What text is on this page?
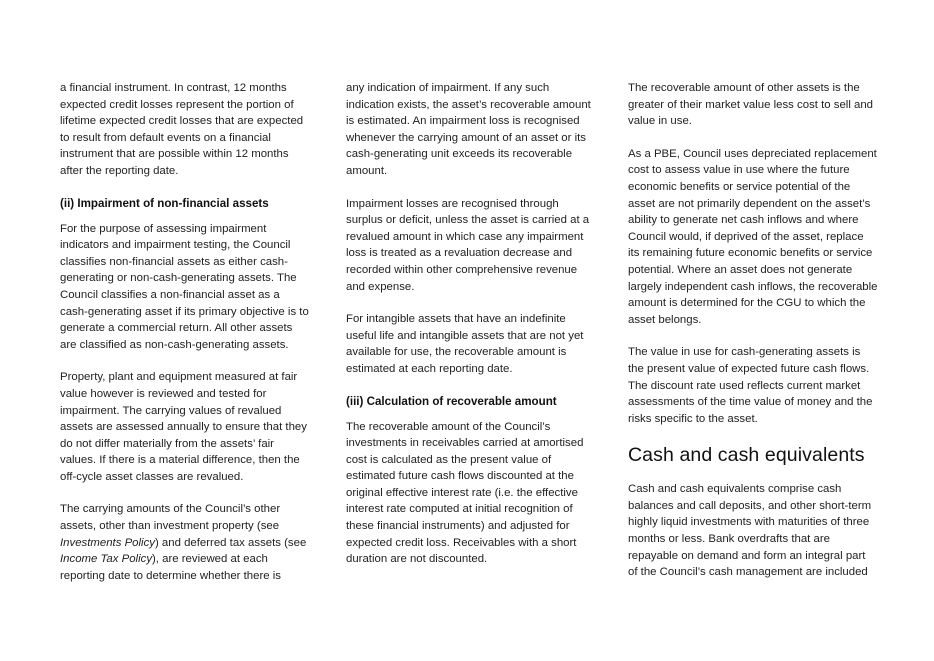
a financial instrument. In contrast, 12 months expected credit losses represent the portion of lifetime expected credit losses that are expected to result from default events on a financial instrument that are possible within 12 months after the reporting date.

(ii) Impairment of non-financial assets

For the purpose of assessing impairment indicators and impairment testing, the Council classifies non-financial assets as either cash-generating or non-cash-generating assets. The Council classifies a non-financial asset as a cash-generating asset if its primary objective is to generate a commercial return. All other assets are classified as non-cash-generating assets.

Property, plant and equipment measured at fair value however is reviewed and tested for impairment. The carrying values of revalued assets are assessed annually to ensure that they do not differ materially from the assets’ fair values. If there is a material difference, then the off-cycle asset classes are revalued.

The carrying amounts of the Council’s other assets, other than investment property (see Investments Policy) and deferred tax assets (see Income Tax Policy), are reviewed at each reporting date to determine whether there is

any indication of impairment. If any such indication exists, the asset’s recoverable amount is estimated. An impairment loss is recognised whenever the carrying amount of an asset or its cash-generating unit exceeds its recoverable amount.

Impairment losses are recognised through surplus or deficit, unless the asset is carried at a revalued amount in which case any impairment loss is treated as a revaluation decrease and recorded within other comprehensive revenue and expense.

For intangible assets that have an indefinite useful life and intangible assets that are not yet available for use, the recoverable amount is estimated at each reporting date.

(iii) Calculation of recoverable amount

The recoverable amount of the Council’s investments in receivables carried at amortised cost is calculated as the present value of estimated future cash flows discounted at the original effective interest rate (i.e. the effective interest rate computed at initial recognition of these financial instruments) and adjusted for expected credit loss. Receivables with a short duration are not discounted.

The recoverable amount of other assets is the greater of their market value less cost to sell and value in use.

As a PBE, Council uses depreciated replacement cost to assess value in use where the future economic benefits or service potential of the asset are not primarily dependent on the asset’s ability to generate net cash inflows and where Council would, if deprived of the asset, replace its remaining future economic benefits or service potential. Where an asset does not generate largely independent cash inflows, the recoverable amount is determined for the CGU to which the asset belongs.

The value in use for cash-generating assets is the present value of expected future cash flows. The discount rate used reflects current market assessments of the time value of money and the risks specific to the asset.

Cash and cash equivalents

Cash and cash equivalents comprise cash balances and call deposits, and other short-term highly liquid investments with maturities of three months or less. Bank overdrafts that are repayable on demand and form an integral part of the Council’s cash management are included
